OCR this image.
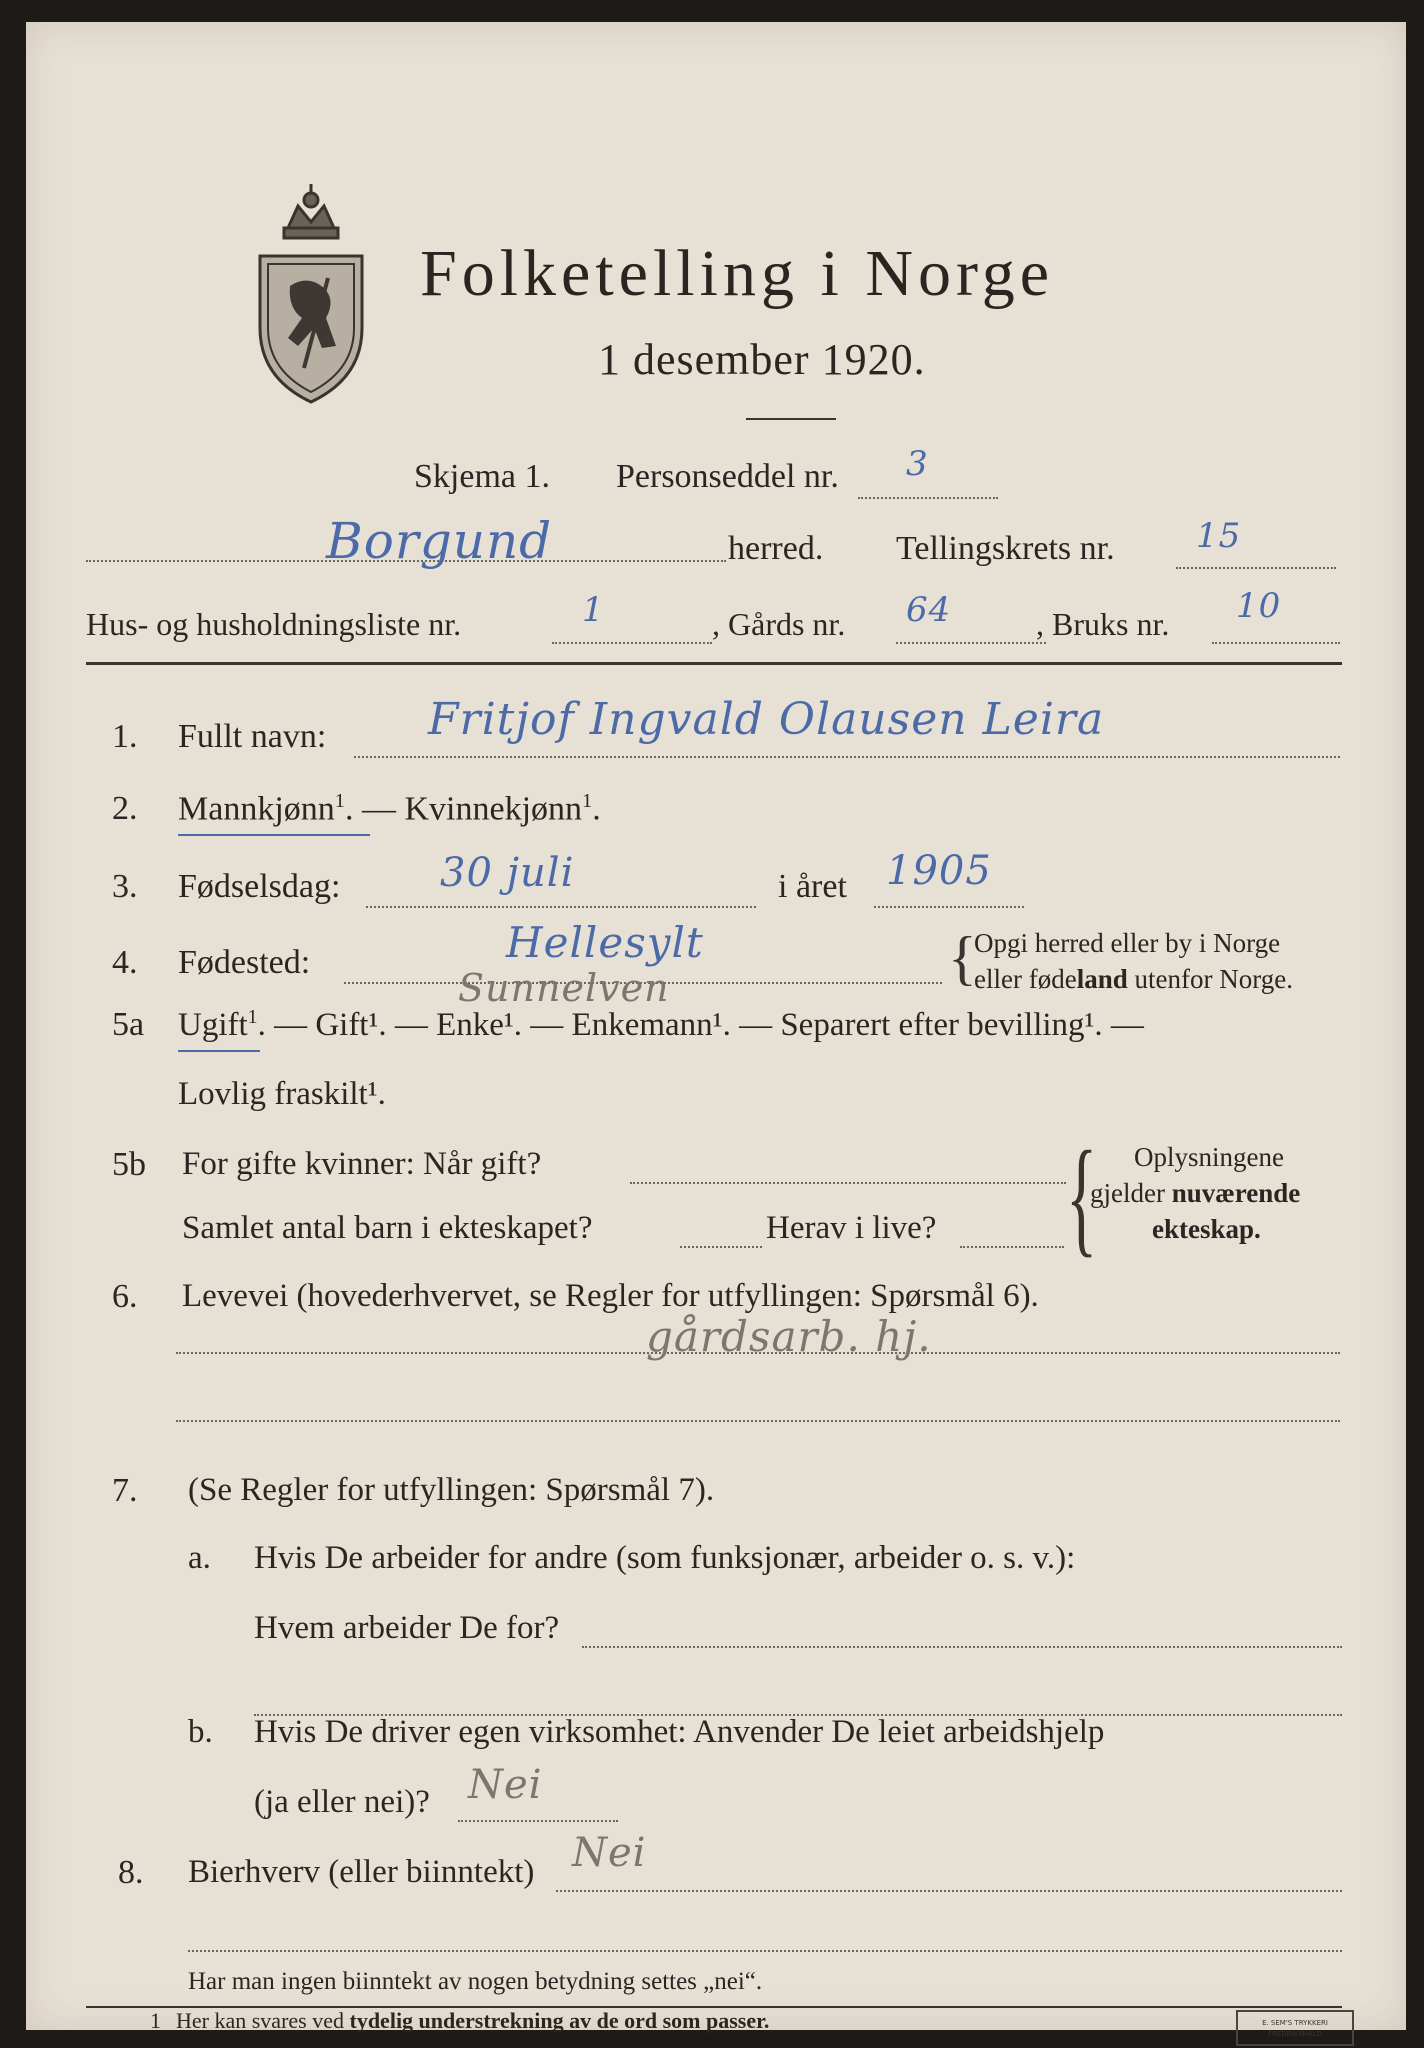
Folketelling i Norge
1 desember 1920.
Skjema 1. Personseddel nr. 3
Borgund	herred. Tellingskrets nr. 15
Hus- og husholdningsliste nr.	1	, Gårds nr. 64	, Bruks nr. 10
1. Fullt navn: Fritjof Ingvald Olausen Leira
2. Mannkjønn$^1$. — Kvinnekjønn$^1$.
3. Fødselsdag: 30 juli	i året 1905
4. Fødested:	Hellesylt
Sunnelven	{
Opgi herred eller by i Norge
eller fødeland utenfor Norge.
5a Ugift$^1$. — Gift¹. — Enke¹. — Enkemann¹. — Separert efter bevilling¹. —
Lovlig fraskilt¹.
5b For gifte kvinner: Når gift?
Samlet antal barn i ekteskapet?	Herav i live? { Oplysningene
gjelder nuværende
ekteskap.
6. Levevei (hovederhvervet, se Regler for utfyllingen: Spørsmål 6).
gårdsarb. hj.
7. (Se Regler for utfyllingen: Spørsmål 7).
a. Hvis De arbeider for andre (som funksjonær, arbeider o. s. v.):
Hvem arbeider De for?
b. Hvis De driver egen virksomhet: Anvender De leiet arbeidshjelp
(ja eller nei)? Nei
8. Bierhverv (eller biinntekt) Nei
Har man ingen biinntekt av nogen betydning settes „nei“.
1 Her kan svares ved tydelig understrekning av de ord som passer.	E. SEM'S TRYKKERI
FREDRIKSHALD
